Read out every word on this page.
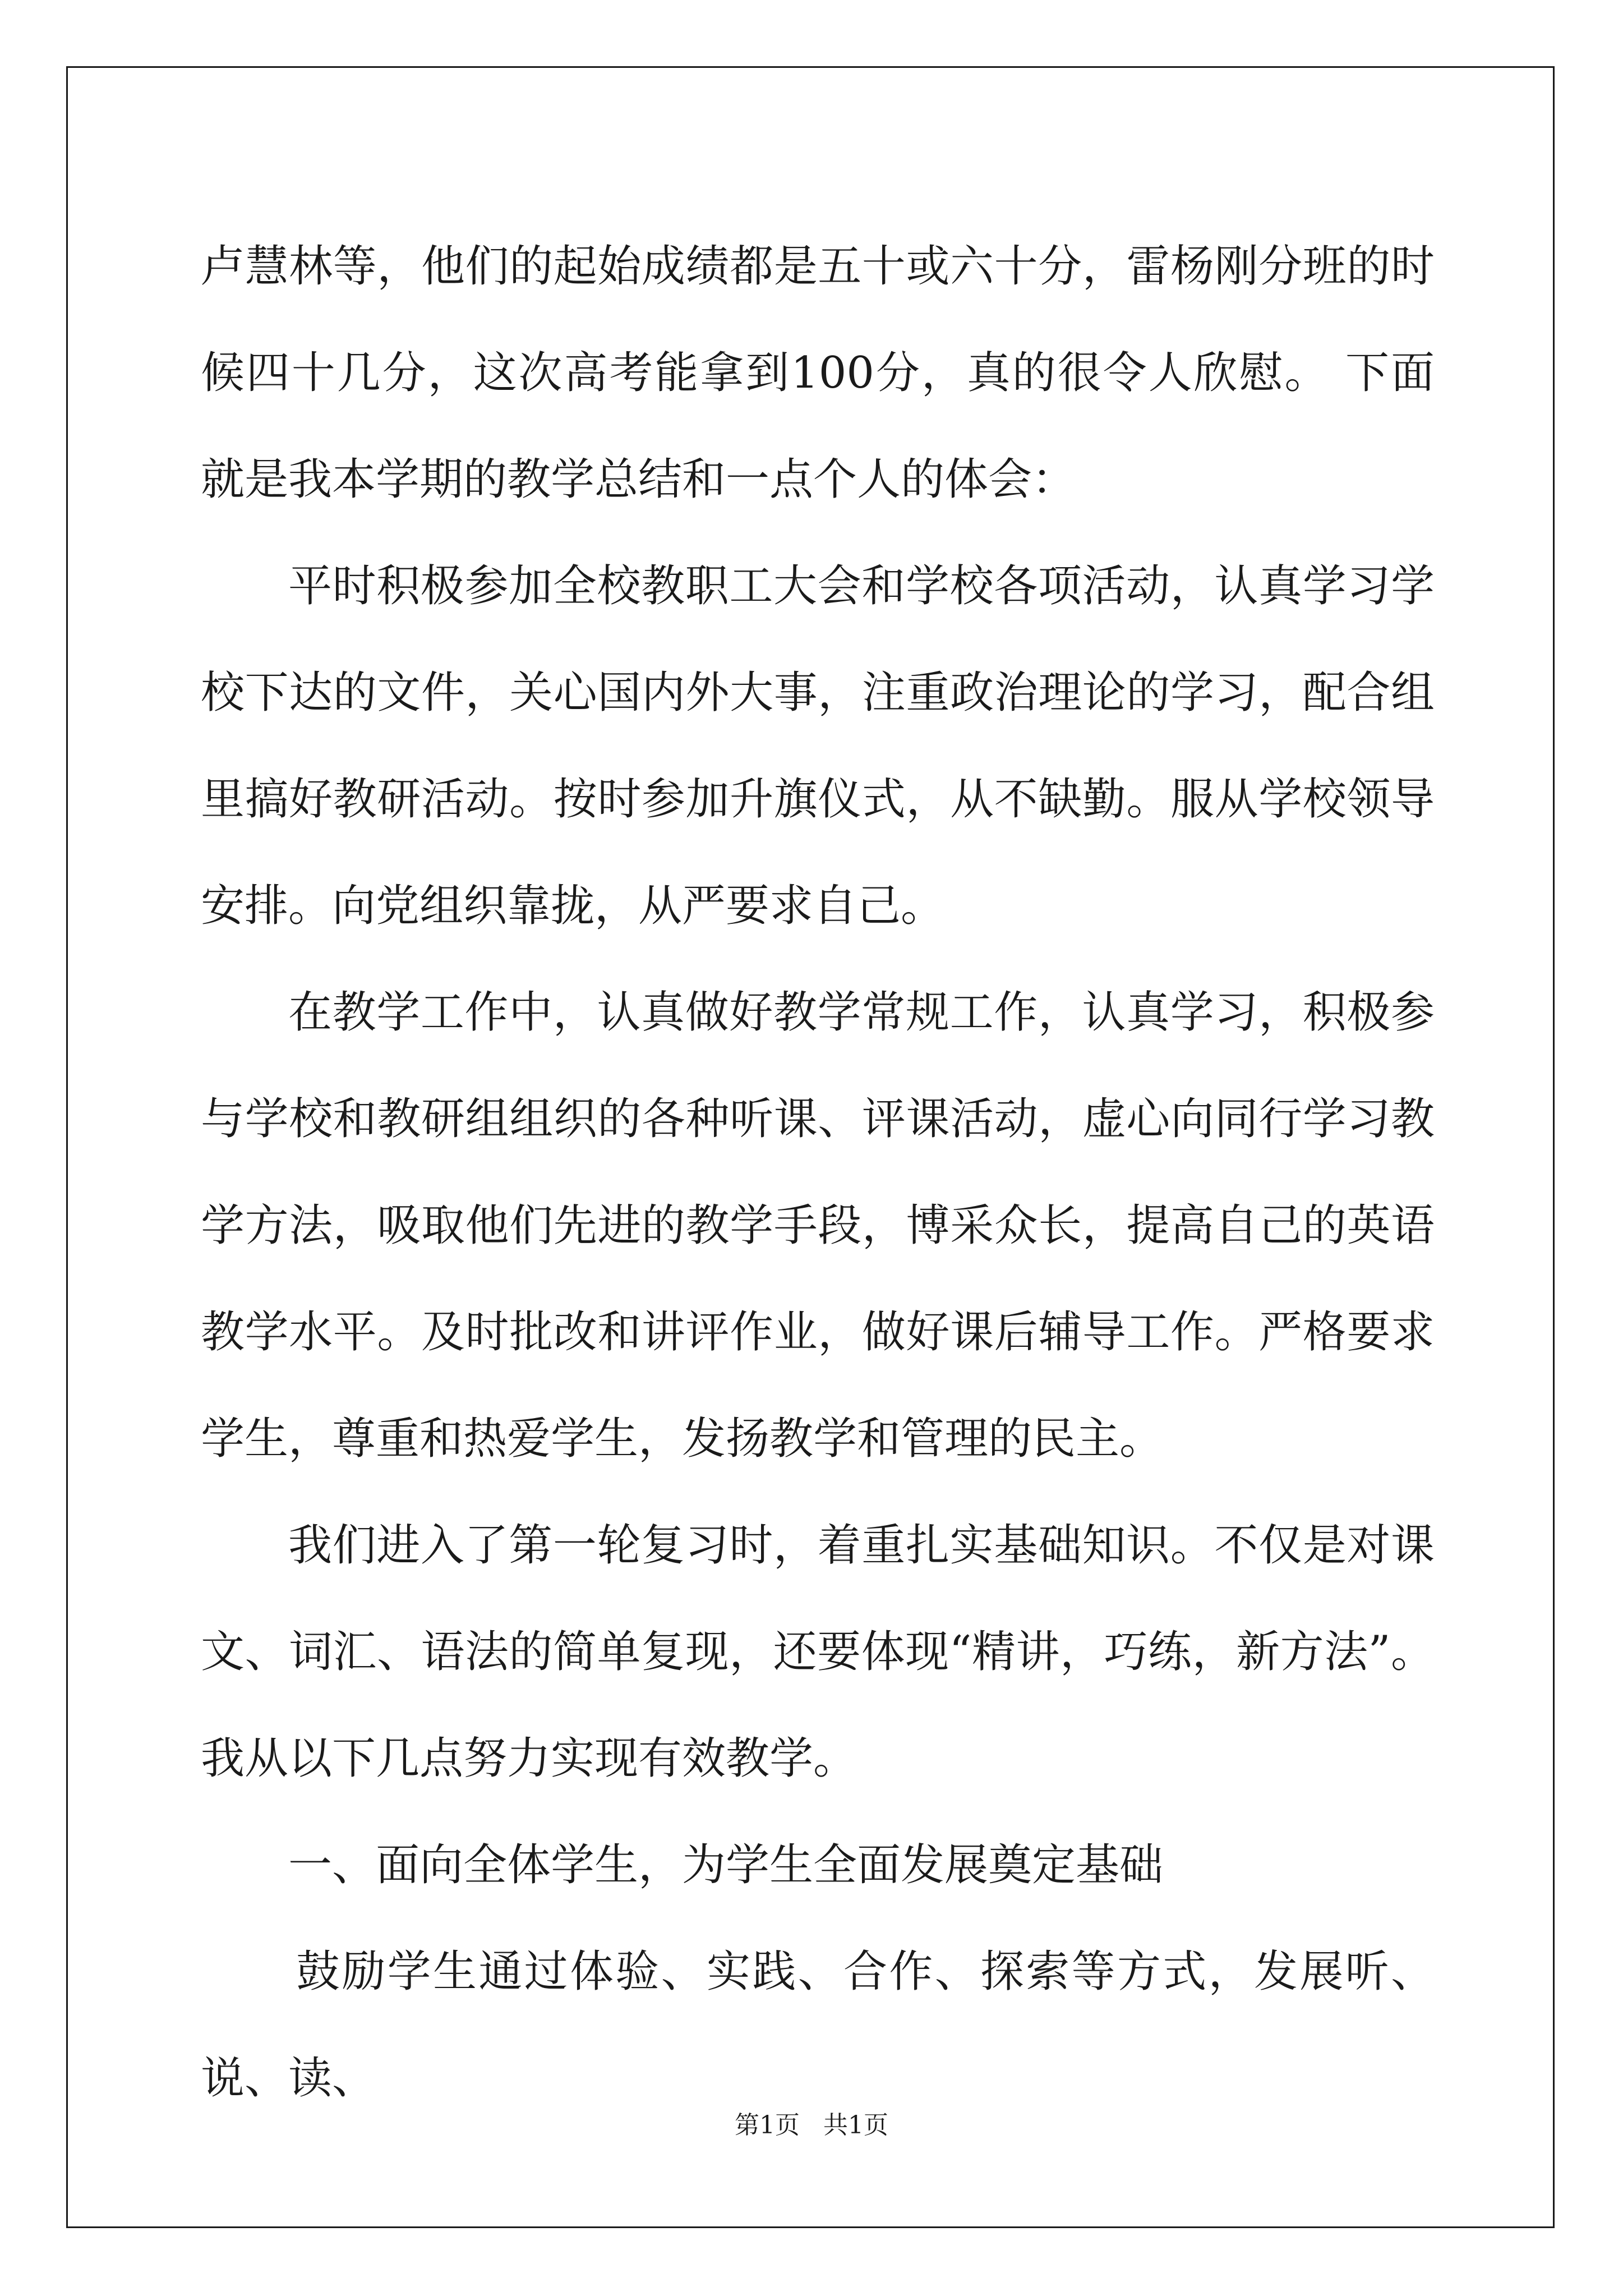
卢慧林等，他们的起始成绩都是五十或六十分，雷杨刚分班的时候四十几分，这次高考能拿到100分，真的很令人欣慰。 下面就是我本学期的教学总结和一点个人的体会：

平时积极参加全校教职工大会和学校各项活动，认真学习学校下达的文件，关心国内外大事，注重政治理论的学习，配合组里搞好教研活动。按时参加升旗仪式，从不缺勤。服从学校领导安排。向党组织靠拢，从严要求自己。

在教学工作中，认真做好教学常规工作，认真学习，积极参与学校和教研组组织的各种听课、评课活动，虚心向同行学习教学方法，吸取他们先进的教学手段，博采众长，提高自己的英语教学水平。及时批改和讲评作业，做好课后辅导工作。严格要求学生，尊重和热爱学生，发扬教学和管理的民主。

我们进入了第一轮复习时，着重扎实基础知识。不仅是对课文、词汇、语法的简单复现，还要体现“精讲，巧练，新方法”。我从以下几点努力实现有效教学。

一、面向全体学生，为学生全面发展奠定基础

鼓励学生通过体验、实践、合作、探索等方式，发展听、说、读、

第1页   共1页
